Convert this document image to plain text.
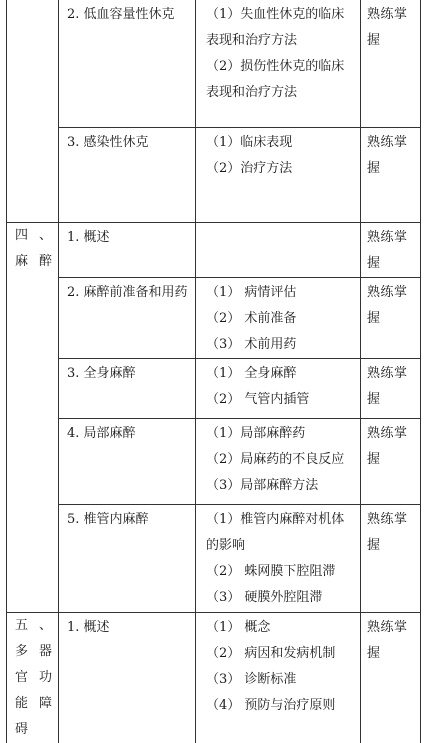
	2. 低血容量性休克	（1）失血性休克的临床表现和治疗方法
（2）损伤性休克的临床表现和治疗方法	熟练掌握
	3. 感染性休克	（1）临床表现
（2）治疗方法	熟练掌握
四、麻醉	1. 概述		熟练掌握
	2. 麻醉前准备和用药	（1） 病情评估
（2） 术前准备
（3） 术前用药	熟练掌握
	3. 全身麻醉	（1） 全身麻醉
（2） 气管内插管	熟练掌握
	4. 局部麻醉	（1）局部麻醉药
（2）局麻药的不良反应
（3）局部麻醉方法	熟练掌握
	5. 椎管内麻醉	（1）椎管内麻醉对机体的影响
（2） 蛛网膜下腔阻滞
（3） 硬膜外腔阻滞	熟练掌握
五、多器官功能障碍	1. 概述	（1） 概念
（2） 病因和发病机制
（3） 诊断标准
（4） 预防与治疗原则	熟练掌握
